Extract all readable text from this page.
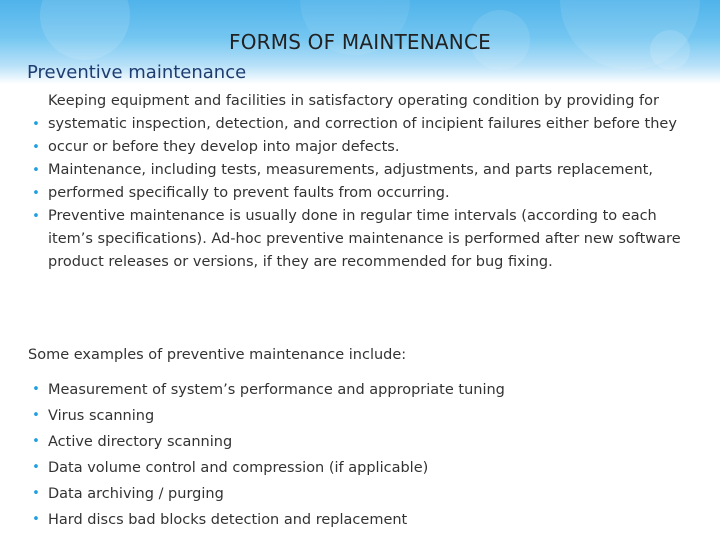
FORMS OF MAINTENANCE
Preventive maintenance
Keeping equipment and facilities in satisfactory operating condition by providing for
• systematic inspection, detection, and correction of incipient failures either before they
• occur or before they develop into major defects.
• Maintenance, including tests, measurements, adjustments, and parts replacement,
• performed specifically to prevent faults from occurring.
• Preventive maintenance is usually done in regular time intervals (according to each item’s specifications). Ad-hoc preventive maintenance is performed after new software product releases or versions, if they are recommended for bug fixing.
Some examples of preventive maintenance include:
• Measurement of system’s performance and appropriate tuning
• Virus scanning
• Active directory scanning
• Data volume control and compression (if applicable)
• Data archiving / purging
• Hard discs bad blocks detection and replacement
